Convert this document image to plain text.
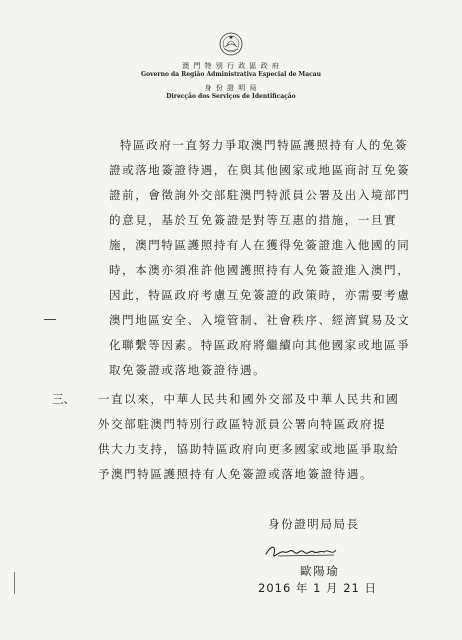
澳 門 特 別 行 政 區 政 府
Governo da Região Administrativa Especial de Macau
身 份 證 明 局
Direcção dos Serviços de Identificação
特區政府一直努力爭取澳門特區護照持有人的免簽
證或落地簽證待遇，在與其他國家或地區商討互免簽
證前，會徵詢外交部駐澳門特派員公署及出入境部門
的意見，基於互免簽證是對等互惠的措施，一旦實
施，澳門特區護照持有人在獲得免簽證進入他國的同
時，本澳亦須准許他國護照持有人免簽證進入澳門，
因此，特區政府考慮互免簽證的政策時，亦需要考慮
澳門地區安全、入境管制、社會秩序、經濟貿易及文
化聯繫等因素。特區政府將繼續向其他國家或地區爭
取免簽證或落地簽證待遇。
三、 一直以來，中華人民共和國外交部及中華人民共和國
外交部駐澳門特別行政區特派員公署向特區政府提
供大力支持，協助特區政府向更多國家或地區爭取給
予澳門特區護照持有人免簽證或落地簽證待遇。
身份證明局局長
歐陽瑜
2016 年 1 月 21 日
